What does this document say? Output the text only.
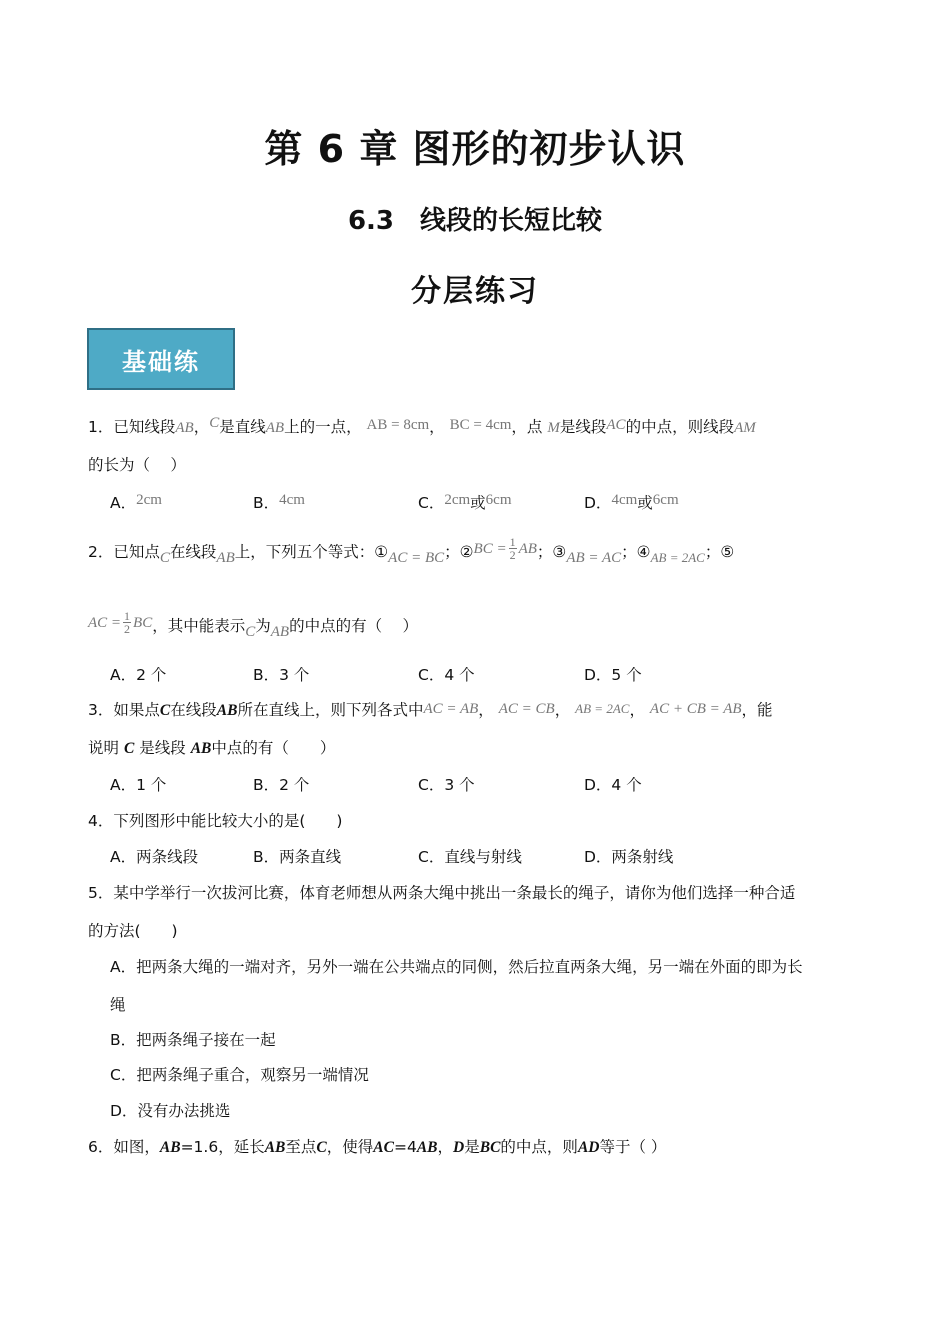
第 6 章 图形的初步认识
6.3 线段的长短比较
分层练习
基础练
1．已知线段AB，C是直线AB上的一点， AB = 8cm， BC = 4cm，点 M是线段AC的中点，则线段AM
的长为（　 ）
A．2cm	B．4cm	C．2cm或6cm	D．4cm或6cm
2．已知点C在线段AB上，下列五个等式：①AC = BC；②BC = $\frac{1}{2}$ AB；③AB = AC；$④_{AB = 2AC}$；⑤
AC = $\frac{1}{2}$ BC，其中能表示C为AB的中点的有（　 ）
A．2 个	B．3 个	C．4 个	D．5 个
3．如果点C在线段AB所在直线上，则下列各式中AC = AB， AC = CB， AB = 2AC， AC + CB = AB，能
说明 C 是线段 AB中点的有（　　）
A．1 个	B．2 个	C．3 个	D．4 个
4．下列图形中能比较大小的是(　　)
A．两条线段	B．两条直线	C．直线与射线	D．两条射线
5．某中学举行一次拔河比赛，体育老师想从两条大绳中挑出一条最长的绳子，请你为他们选择一种合适
的方法(　　)
A．把两条大绳的一端对齐，另外一端在公共端点的同侧，然后拉直两条大绳，另一端在外面的即为长
绳
B．把两条绳子接在一起
C．把两条绳子重合，观察另一端情况
D．没有办法挑选
6．如图，AB=1.6，延长AB至点C，使得AC=4AB，D是BC的中点，则AD等于（ ）
